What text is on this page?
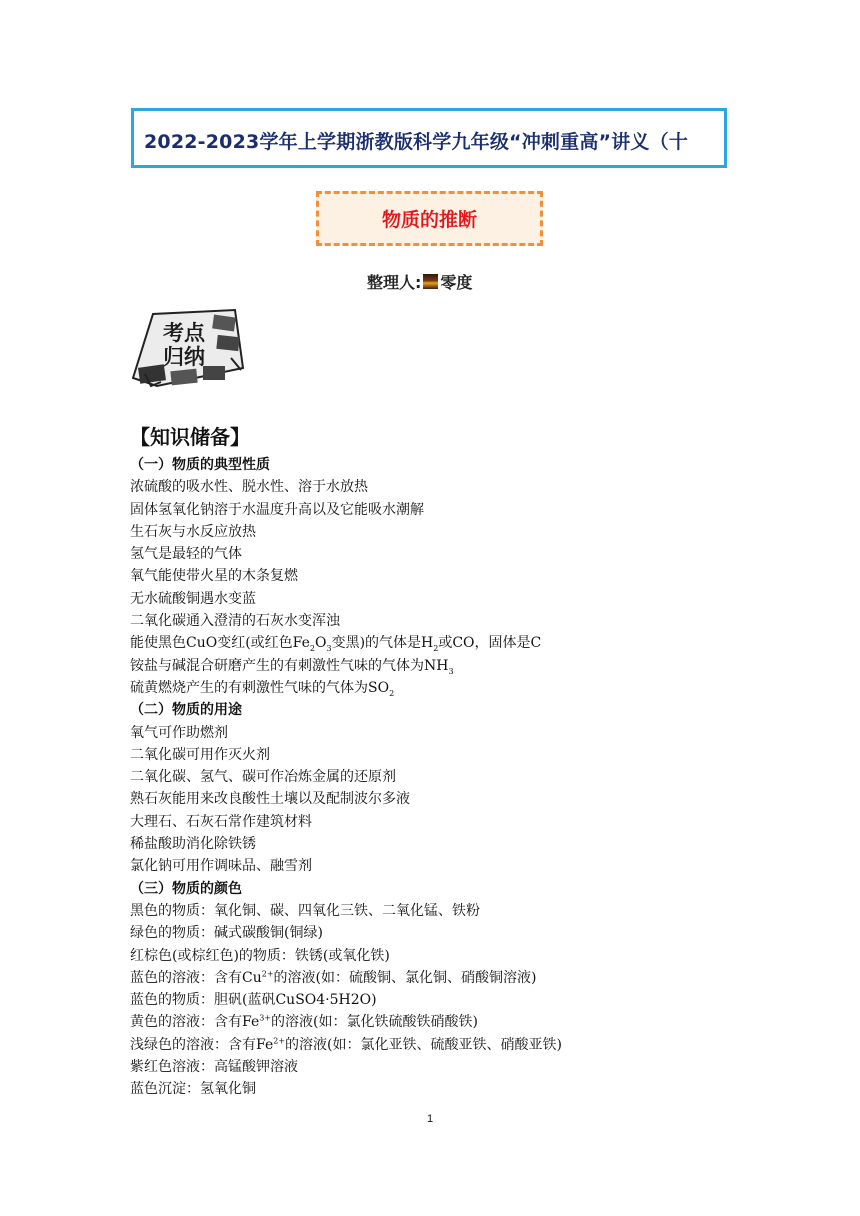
2022-2023学年上学期浙教版科学九年级“冲刺重高”讲义（十
物质的推断
整理人: 零度
考点
归纳
【知识储备】
（一）物质的典型性质
浓硫酸的吸水性、脱水性、溶于水放热
固体氢氧化钠溶于水温度升高以及它能吸水潮解
生石灰与水反应放热
氢气是最轻的气体
氧气能使带火星的木条复燃
无水硫酸铜遇水变蓝
二氧化碳通入澄清的石灰水变浑浊
能使黑色CuO变红(或红色$Fe_2O_3$变黑)的气体是$H_2$或CO，固体是C
铵盐与碱混合研磨产生的有刺激性气味的气体为$NH_3$
硫黄燃烧产生的有刺激性气味的气体为$SO_2$
（二）物质的用途
氧气可作助燃剂
二氧化碳可用作灭火剂
二氧化碳、氢气、碳可作冶炼金属的还原剂
熟石灰能用来改良酸性土壤以及配制波尔多液
大理石、石灰石常作建筑材料
稀盐酸助消化除铁锈
氯化钠可用作调味品、融雪剂
（三）物质的颜色
黑色的物质：氧化铜、碳、四氧化三铁、二氧化锰、铁粉
绿色的物质：碱式碳酸铜(铜绿)
红棕色(或棕红色)的物质：铁锈(或氧化铁)
蓝色的溶液：含有$Cu^{2+}$的溶液(如：硫酸铜、氯化铜、硝酸铜溶液)
蓝色的物质：胆矾(蓝矾CuSO4·5H2O)
黄色的溶液：含有$Fe^{3+}$的溶液(如：氯化铁硫酸铁硝酸铁)
浅绿色的溶液：含有$Fe^{2+}$的溶液(如：氯化亚铁、硫酸亚铁、硝酸亚铁)
紫红色溶液：高锰酸钾溶液
蓝色沉淀：氢氧化铜
1
